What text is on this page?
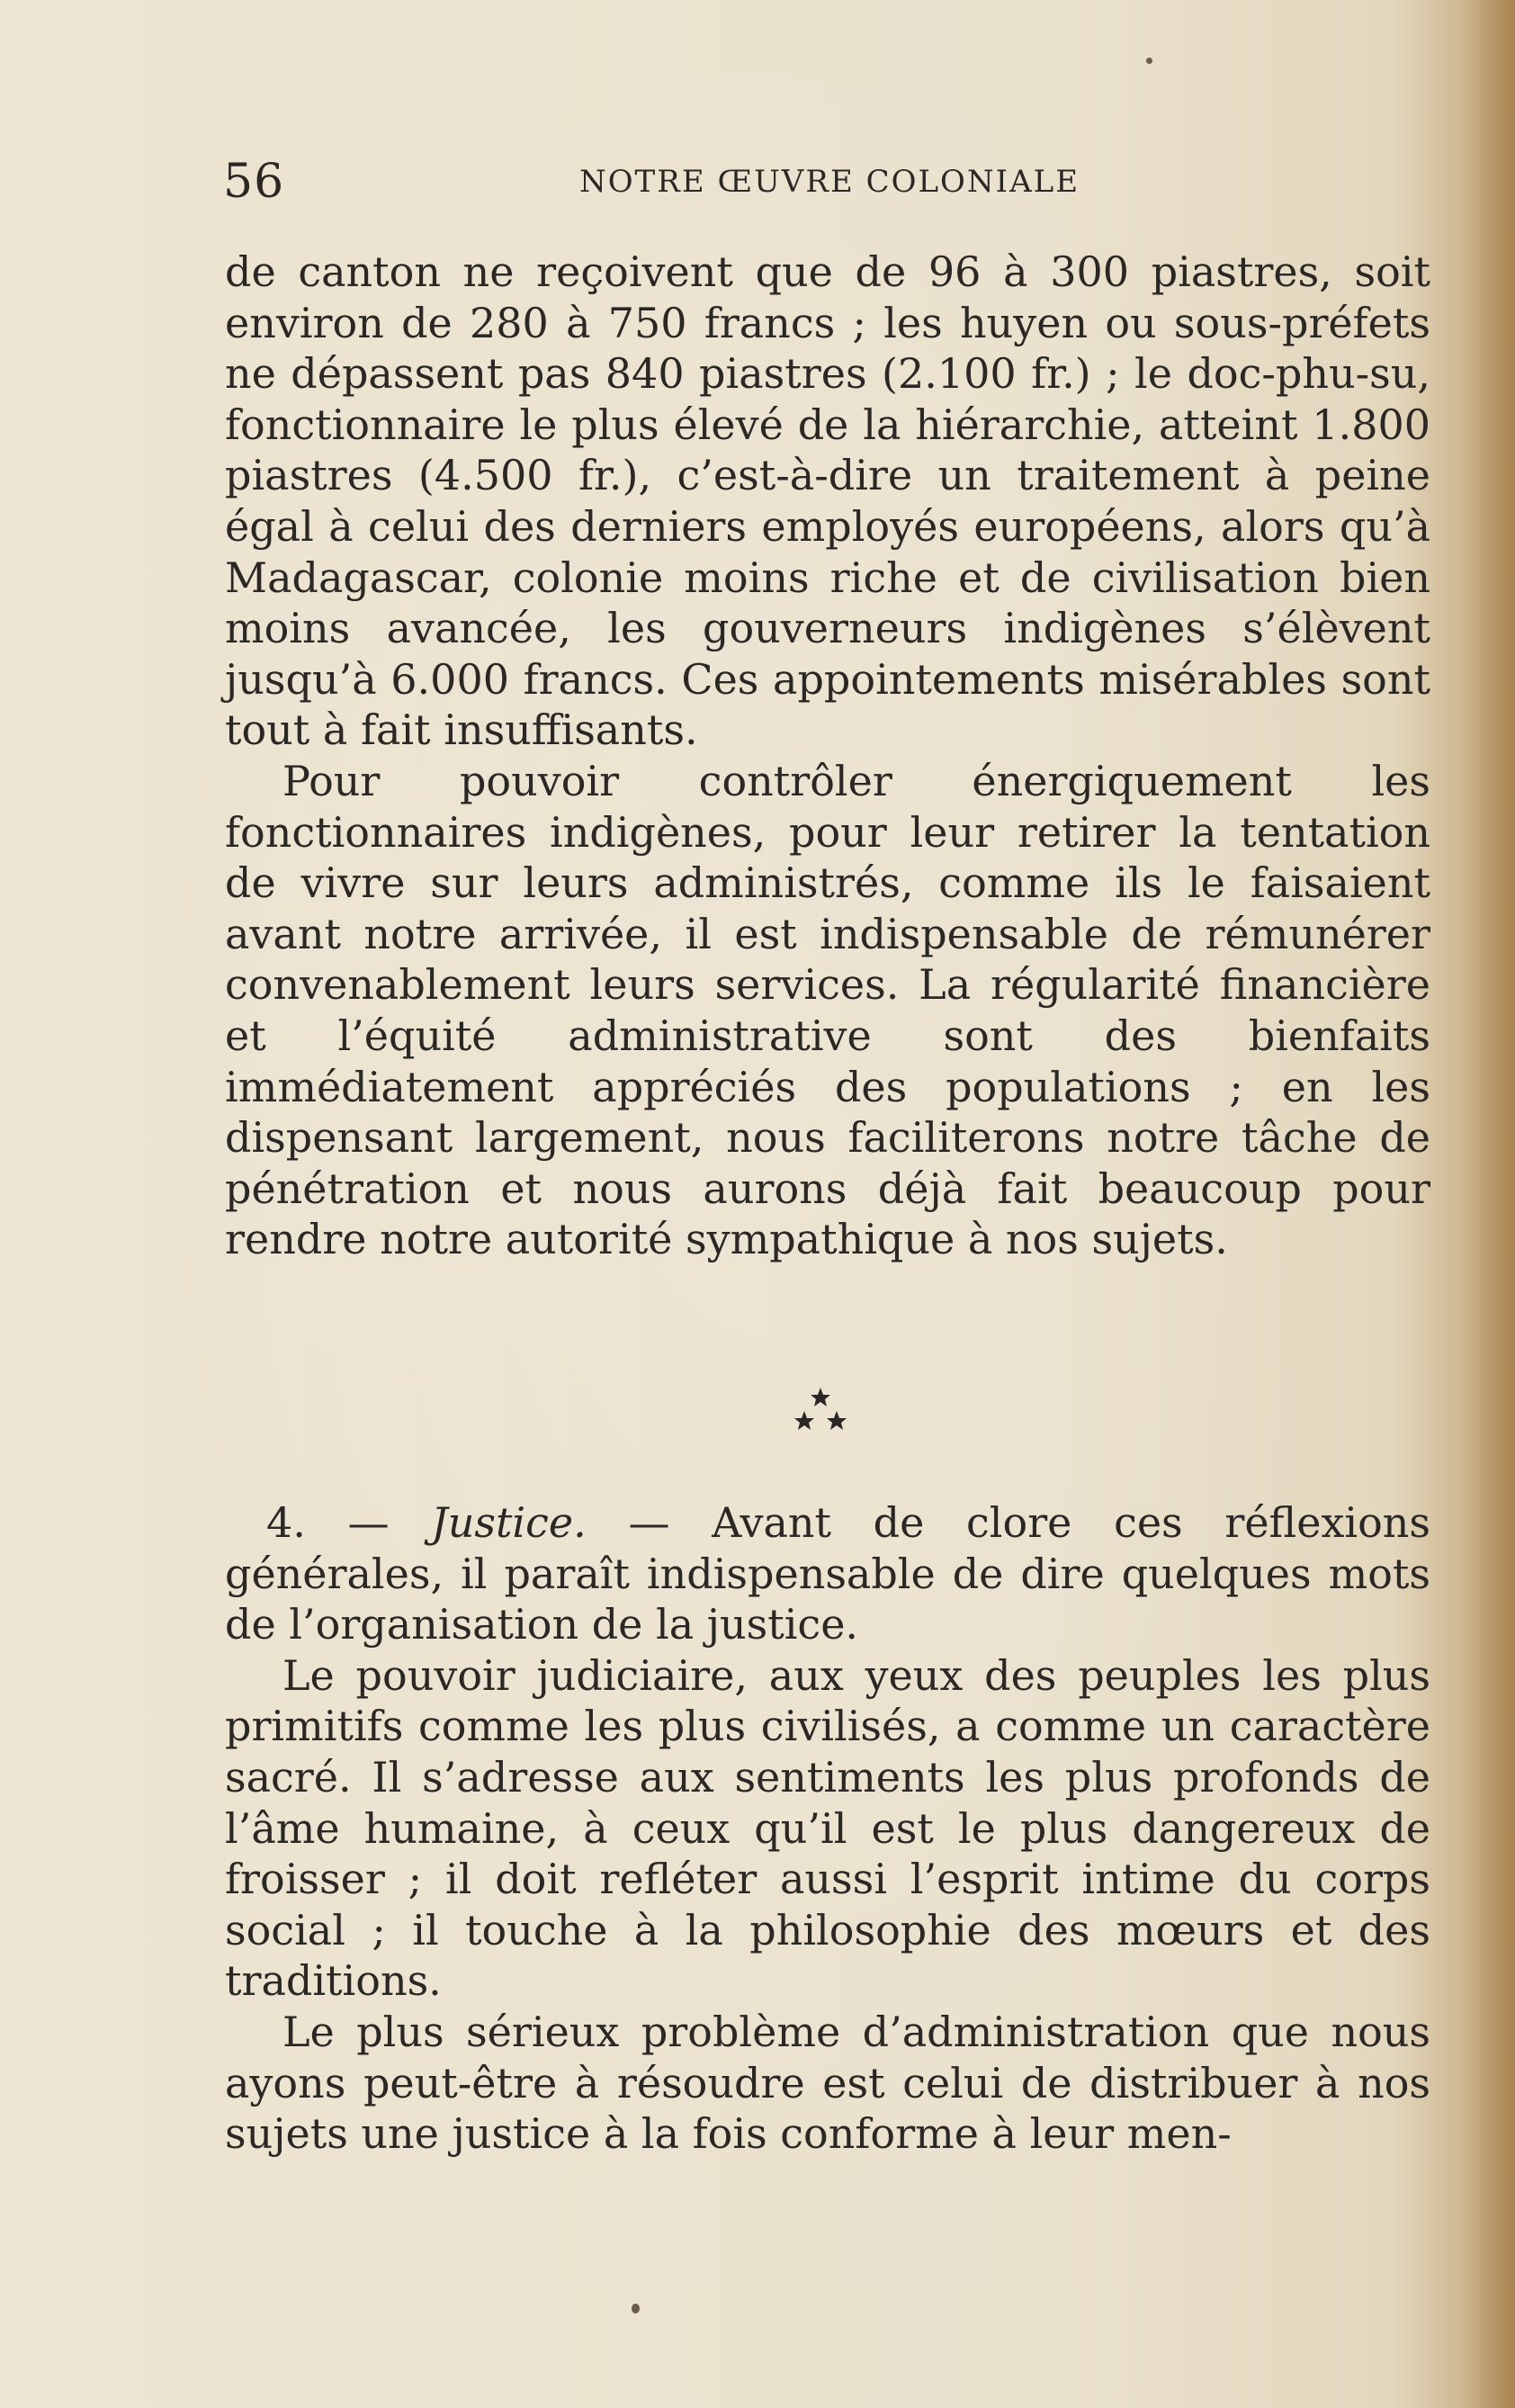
56	NOTRE ŒUVRE COLONIALE

de canton ne reçoivent que de 96 à 300 piastres, soit environ de 280 à 750 francs ; les huyen ou sous-préfets ne dépassent pas 840 piastres (2.100 fr.) ; le doc-phu-su, fonctionnaire le plus élevé de la hiérarchie, atteint 1.800 piastres (4.500 fr.), c’est-à-dire un traitement à peine égal à celui des derniers employés européens, alors qu’à Madagascar, colonie moins riche et de civilisation bien moins avancée, les gouverneurs indigènes s’élèvent jusqu’à 6.000 francs. Ces appointements misérables sont tout à fait insuffisants.

Pour pouvoir contrôler énergiquement les fonctionnaires indigènes, pour leur retirer la tentation de vivre sur leurs administrés, comme ils le faisaient avant notre arrivée, il est indispensable de rémunérer convenablement leurs services. La régularité financière et l’équité administrative sont des bienfaits immédiatement appréciés des populations ; en les dispensant largement, nous faciliterons notre tâche de pénétration et nous aurons déjà fait beaucoup pour rendre notre autorité sympathique à nos sujets.

4. — Justice. — Avant de clore ces réflexions générales, il paraît indispensable de dire quelques mots de l’organisation de la justice.

Le pouvoir judiciaire, aux yeux des peuples les plus primitifs comme les plus civilisés, a comme un caractère sacré. Il s’adresse aux sentiments les plus profonds de l’âme humaine, à ceux qu’il est le plus dangereux de froisser ; il doit refléter aussi l’esprit intime du corps social ; il touche à la philosophie des mœurs et des traditions.

Le plus sérieux problème d’administration que nous ayons peut-être à résoudre est celui de distribuer à nos sujets une justice à la fois conforme à leur men-
